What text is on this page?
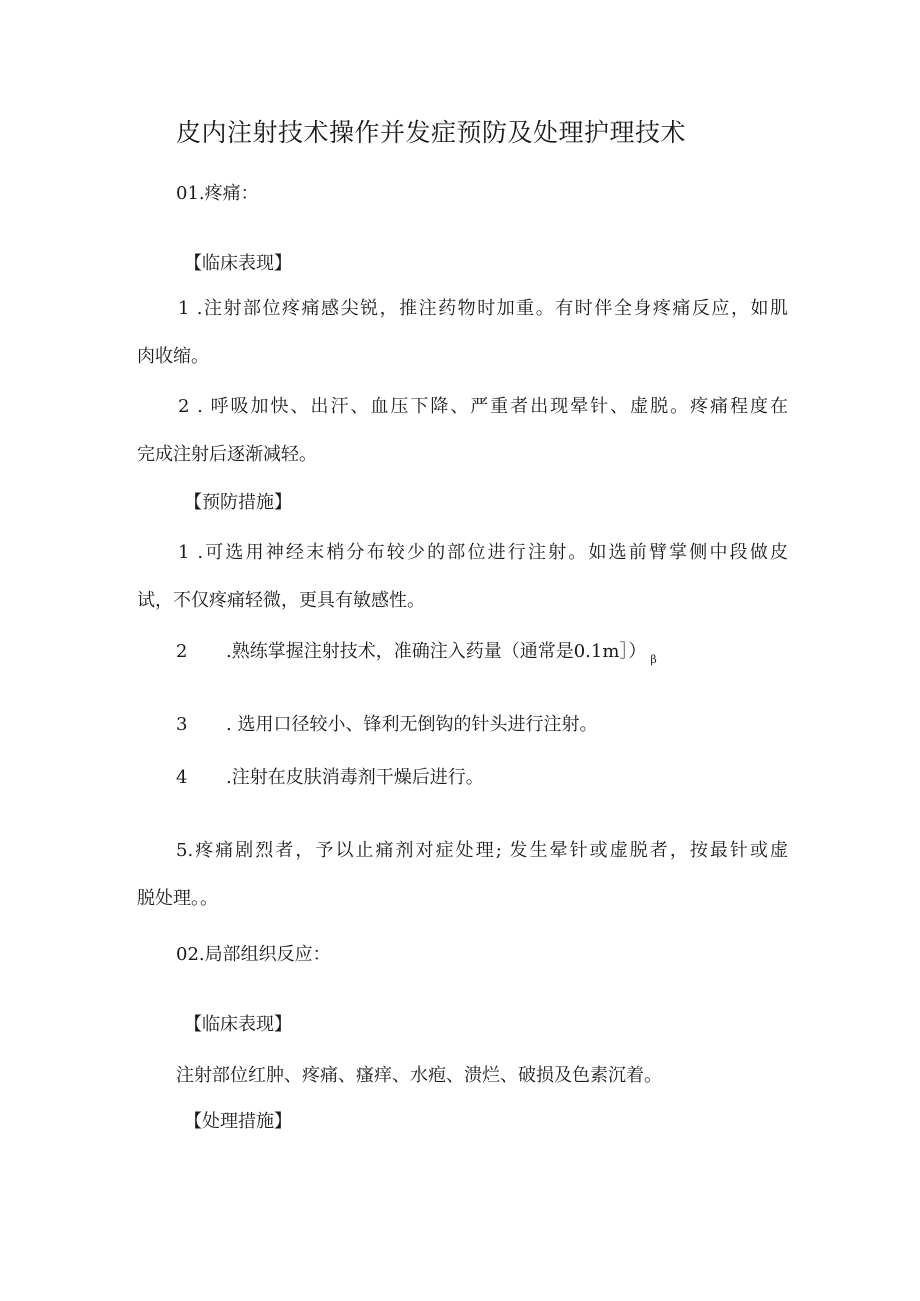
皮内注射技术操作并发症预防及处理护理技术
01.疼痛：
【临床表现】
1 .注射部位疼痛感尖锐，推注药物时加重。有时伴全身疼痛反应，如肌
肉收缩。
2 . 呼吸加快、出汗、血压下降、严重者出现晕针、虚脱。疼痛程度在
完成注射后逐渐减轻。
【预防措施】
1 .可选用神经末梢分布较少的部位进行注射。如选前臂掌侧中段做皮
试，不仅疼痛轻微，更具有敏感性。
2 .熟练掌握注射技术，准确注入药量（通常是0.1m］） $_\beta$
3 . 选用口径较小、锋利无倒钩的针头进行注射。
4 .注射在皮肤消毒剂干燥后进行。
5.疼痛剧烈者，予以止痛剂对症处理; 发生晕针或虚脱者，按最针或虚
脱处理。。
02.局部组织反应：
【临床表现】
注射部位红肿、疼痛、瘙痒、水疱、溃烂、破损及色素沉着。
【处理措施】
